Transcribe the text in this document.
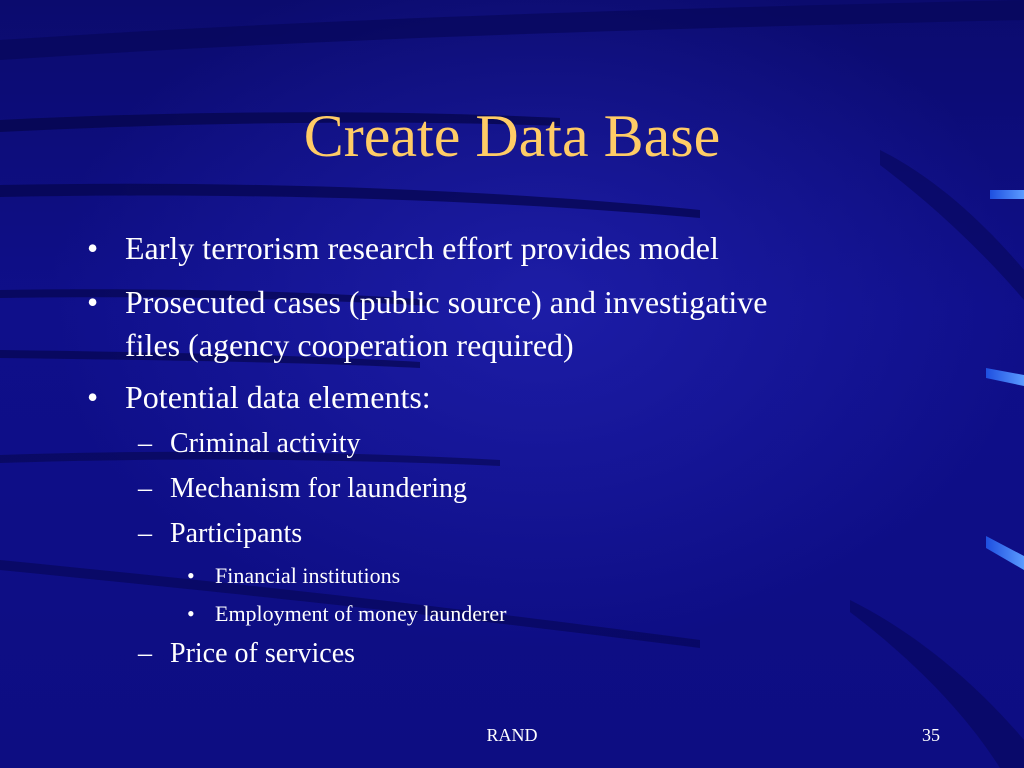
Create Data Base
• Early terrorism research effort provides model
• Prosecuted cases (public source) and investigative
files (agency cooperation required)
• Potential data elements:
– Criminal activity
– Mechanism for laundering
– Participants
• Financial institutions
• Employment of money launderer
– Price of services
RAND	35
